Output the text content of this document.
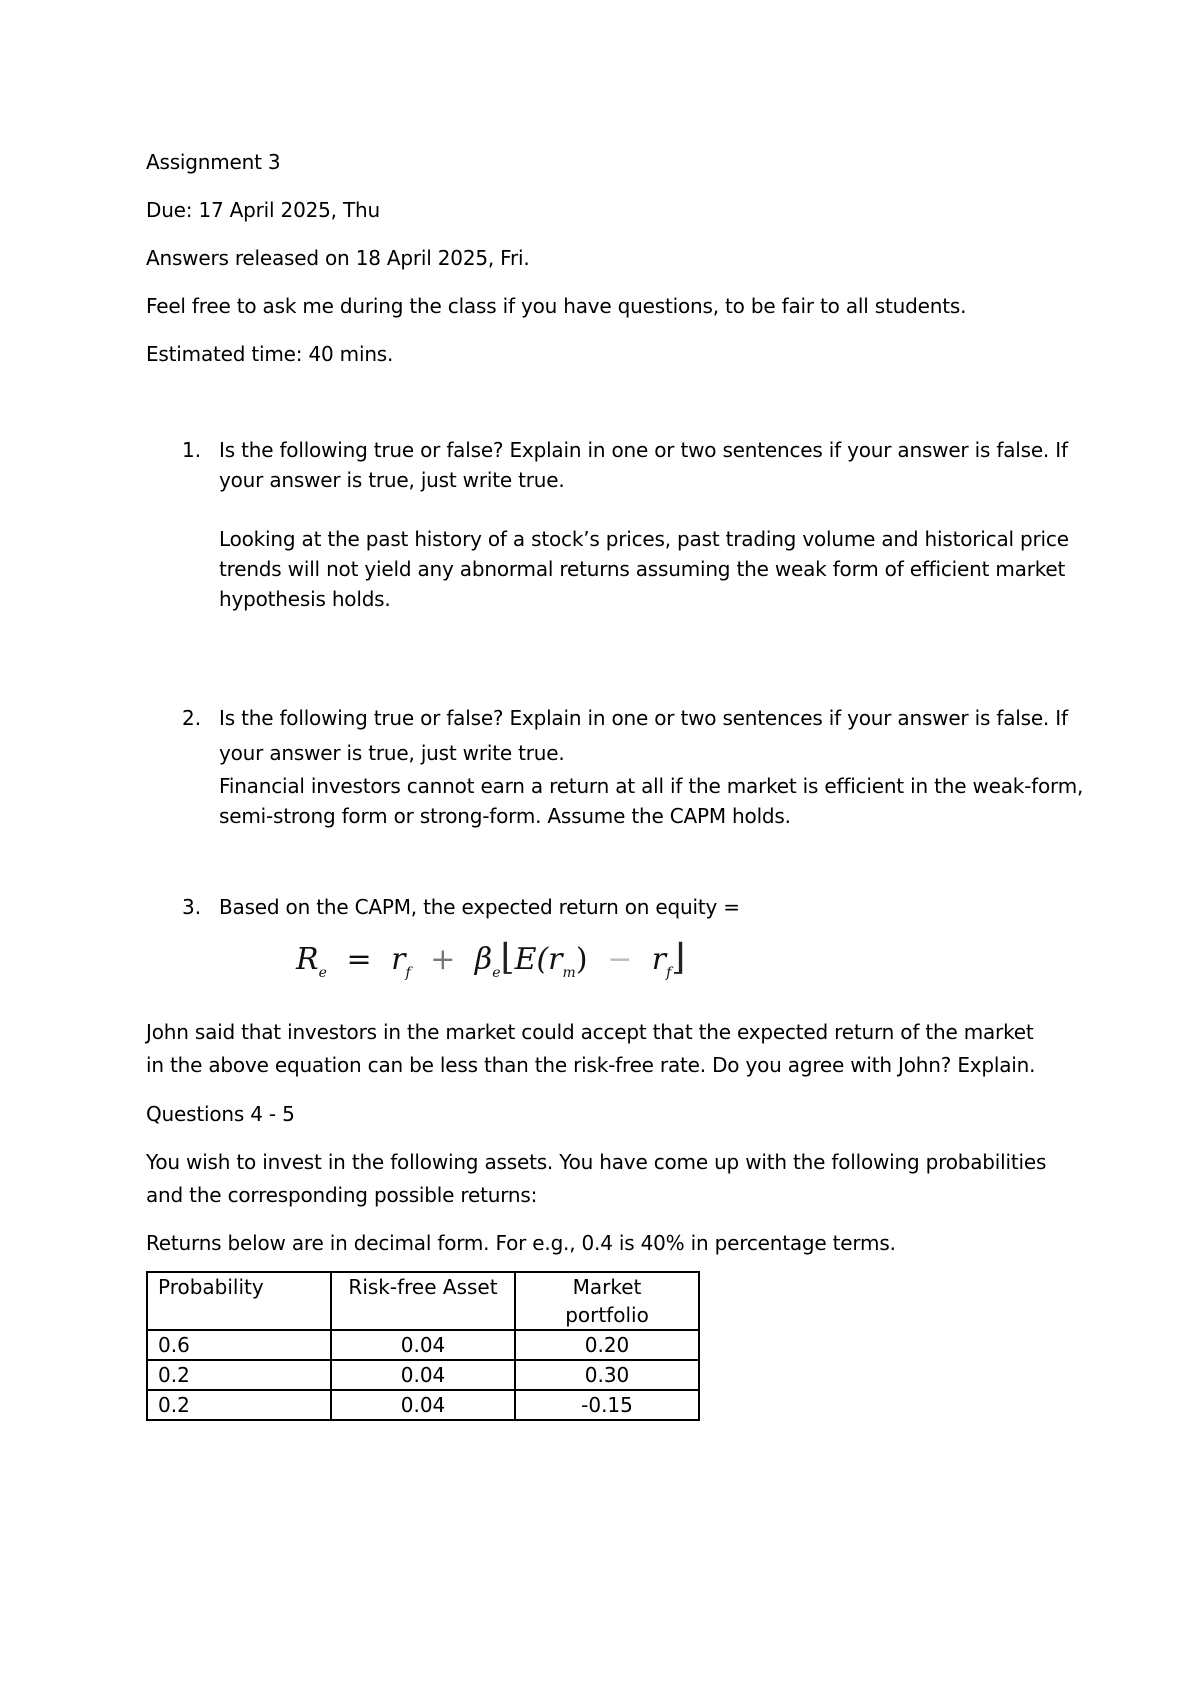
Assignment 3
Due: 17 April 2025, Thu
Answers released on 18 April 2025, Fri.
Feel free to ask me during the class if you have questions, to be fair to all students.
Estimated time: 40 mins.
1. Is the following true or false? Explain in one or two sentences if your answer is false. If
your answer is true, just write true.
Looking at the past history of a stock’s prices, past trading volume and historical price
trends will not yield any abnormal returns assuming the weak form of efficient market
hypothesis holds.
2. Is the following true or false? Explain in one or two sentences if your answer is false. If
your answer is true, just write true.
Financial investors cannot earn a return at all if the market is efficient in the weak-form,
semi-strong form or strong-form. Assume the CAPM holds.
3. Based on the CAPM, the expected return on equity =
$R_e = r_f$ + $\beta_e⌊E(r_m)$ − $r_f⌋$
John said that investors in the market could accept that the expected return of the market
in the above equation can be less than the risk-free rate. Do you agree with John? Explain.
Questions 4 - 5
You wish to invest in the following assets. You have come up with the following probabilities
and the corresponding possible returns:
Returns below are in decimal form. For e.g., 0.4 is 40% in percentage terms.
Probability	Risk-free Asset	Market
portfolio
0.6	0.04	0.20
0.2	0.04	0.30
0.2	0.04	-0.15
